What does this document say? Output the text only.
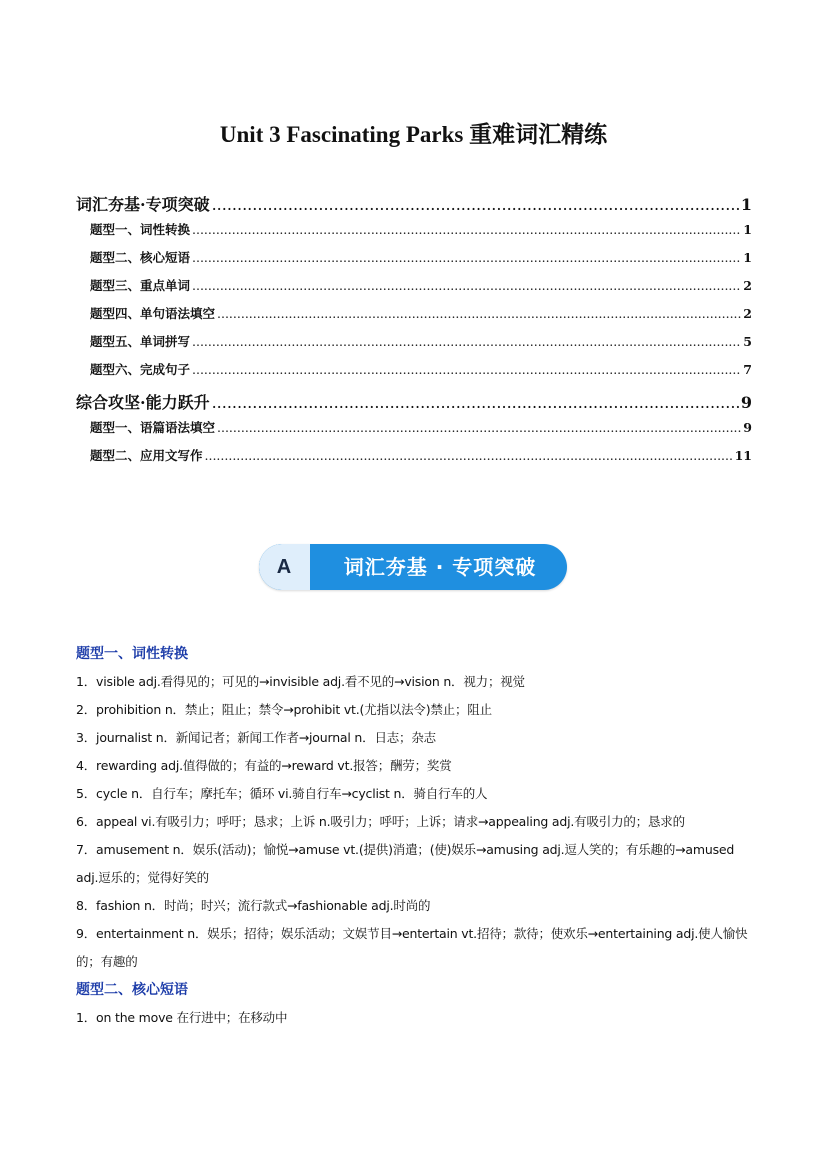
Unit 3 Fascinating Parks 重难词汇精练
词汇夯基·专项突破 .....	1
题型一、词性转换 .....	1
题型二、核心短语 .....	1
题型三、重点单词 .....	2
题型四、单句语法填空 .....	2
题型五、单词拼写 .....	5
题型六、完成句子 .....	7
综合攻坚·能力跃升 .....	9
题型一、语篇语法填空 .....	9
题型二、应用文写作 .....	11
A	词汇夯基 · 专项突破
题型一、词性转换
1．visible adj.看得见的；可见的→invisible adj.看不见的→vision n．视力；视觉
2．prohibition n．禁止；阻止；禁令→prohibit vt.(尤指以法令)禁止；阻止
3．journalist n．新闻记者；新闻工作者→journal n．日志；杂志
4．rewarding adj.值得做的；有益的→reward vt.报答；酬劳；奖赏
5．cycle n．自行车；摩托车；循环 vi.骑自行车→cyclist n．骑自行车的人
6．appeal vi.有吸引力；呼吁；恳求；上诉 n.吸引力；呼吁；上诉；请求→appealing adj.有吸引力的；恳求的
7．amusement n．娱乐(活动)；愉悦→amuse vt.(提供)消遣；(使)娱乐→amusing adj.逗人笑的；有乐趣的→amused adj.逗乐的；觉得好笑的
8．fashion n．时尚；时兴；流行款式→fashionable adj.时尚的
9．entertainment n．娱乐；招待；娱乐活动；文娱节目→entertain vt.招待；款待；使欢乐→entertaining adj.使人愉快的；有趣的
题型二、核心短语
1．on the move 在行进中；在移动中
